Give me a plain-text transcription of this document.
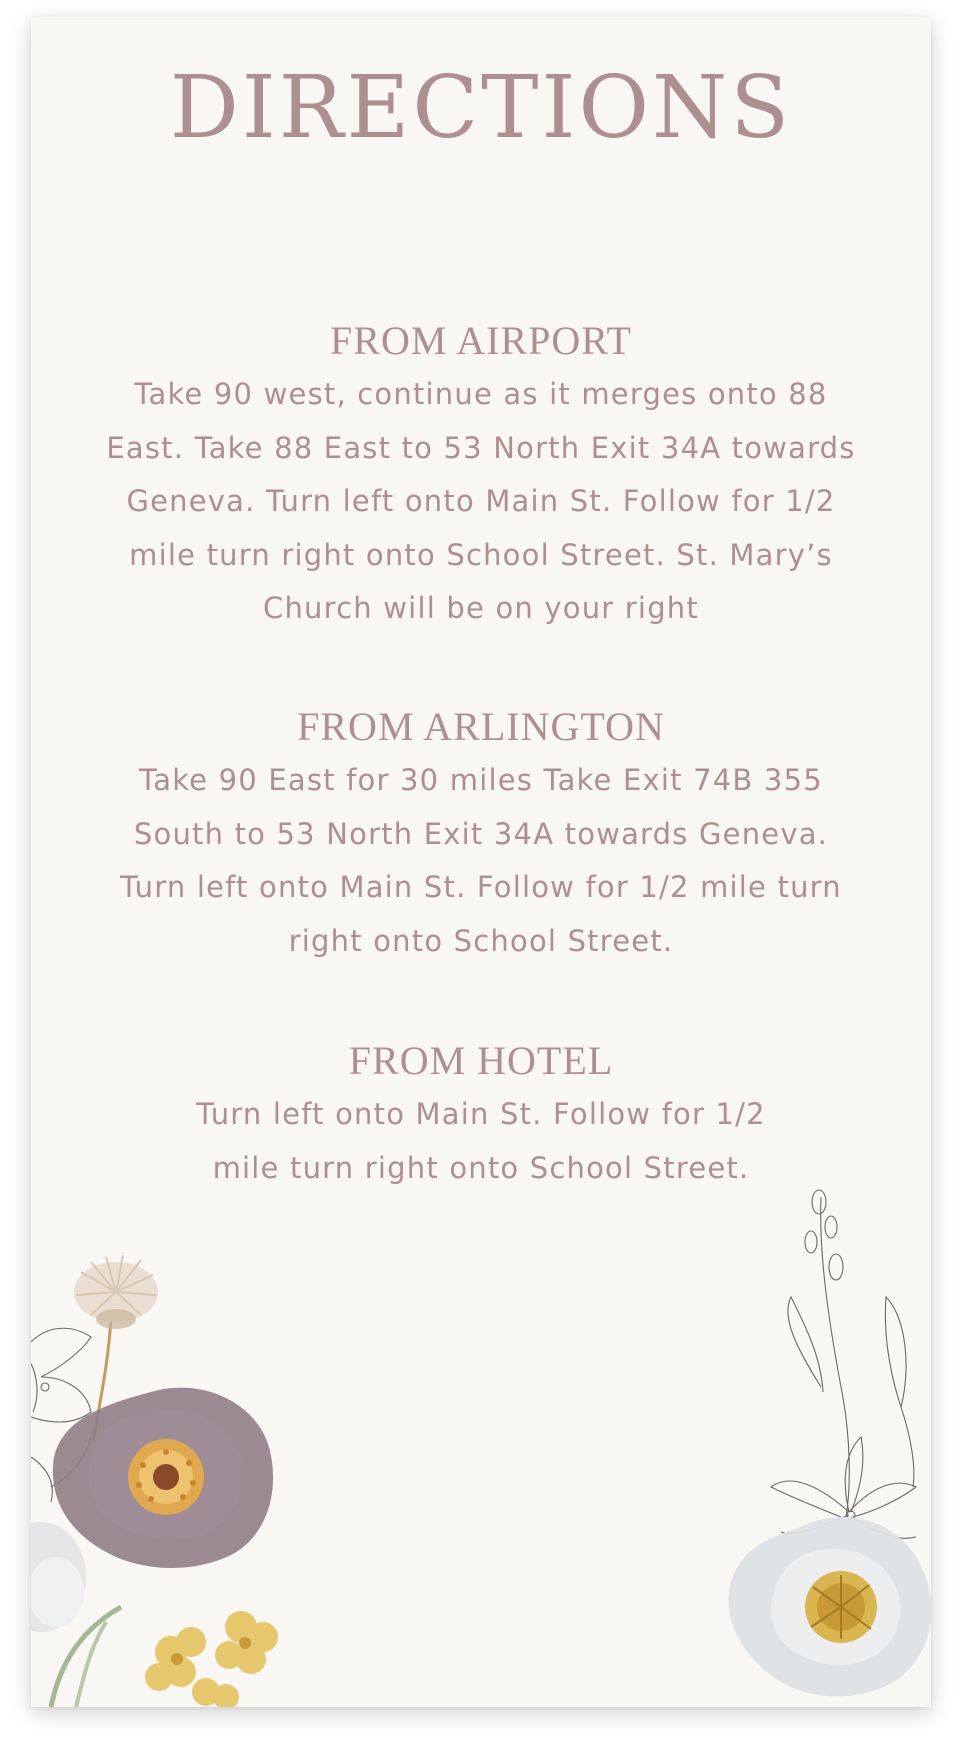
DIRECTIONS
FROM AIRPORT

Take 90 west, continue as it merges onto 88 East. Take 88 East to 53 North Exit 34A towards Geneva. Turn left onto Main St. Follow for 1/2 mile turn right onto School Street. St. Mary’s Church will be on your right

FROM ARLINGTON

Take 90 East for 30 miles Take Exit 74B 355 South to 53 North Exit 34A towards Geneva. Turn left onto Main St. Follow for 1/2 mile turn right onto School Street.

FROM HOTEL

Turn left onto Main St. Follow for 1/2 mile turn right onto School Street.
